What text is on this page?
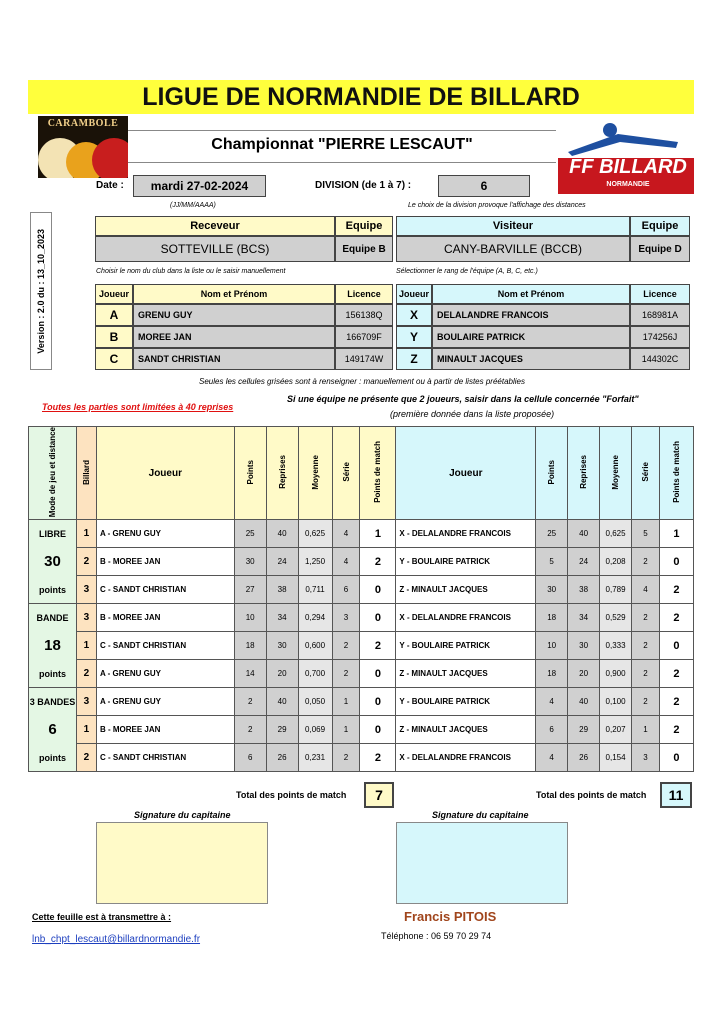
LIGUE DE NORMANDIE DE BILLARD
CARAMBOLE
Championnat "PIERRE LESCAUT"
FF BILLARD
NORMANDIE
Date :	mardi 27-02-2024
(JJ/MM/AAAA)
DIVISION (de 1 à 7) :	6
Le choix de la division provoque l'affichage des distances
Version : 2.0 du : 13_10_2023
Receveur	Equipe	Visiteur	Equipe
SOTTEVILLE (BCS)	Equipe B	CANY-BARVILLE (BCCB)	Equipe D
Choisir le nom du club dans la liste ou le saisir manuellement	Sélectionner le rang de l'équipe (A, B, C, etc.)
Joueur	Nom et Prénom	Licence	Joueur	Nom et Prénom	Licence
A	GRENU GUY	156138Q
B	MOREE JAN	166709F
C	SANDT CHRISTIAN	149174W
X	DELALANDRE FRANCOIS	168981A
Y	BOULAIRE PATRICK	174256J
Z	MINAULT JACQUES	144302C
Seules les cellules grisées sont à renseigner : manuellement ou à partir de listes préétablies
Toutes les parties sont limitées à 40 reprises
Si une équipe ne présente que 2 joueurs, saisir dans la cellule concernée "Forfait"
(première donnée dans la liste proposée)
Mode de jeu et distance	Billard	Joueur	Points	Reprises	Moyenne	Série	Points de match	Joueur	Points	Reprises	Moyenne	Série	Points de match
LIBRE	1	A - GRENU GUY	25	40	0,625	4	1	X - DELALANDRE FRANCOIS	25	40	0,625	5	1
30	2	B - MOREE JAN	30	24	1,250	4	2	Y - BOULAIRE PATRICK	5	24	0,208	2	0
points	3	C - SANDT CHRISTIAN	27	38	0,711	6	0	Z - MINAULT JACQUES	30	38	0,789	4	2
BANDE	3	B - MOREE JAN	10	34	0,294	3	0	X - DELALANDRE FRANCOIS	18	34	0,529	2	2
18	1	C - SANDT CHRISTIAN	18	30	0,600	2	2	Y - BOULAIRE PATRICK	10	30	0,333	2	0
points	2	A - GRENU GUY	14	20	0,700	2	0	Z - MINAULT JACQUES	18	20	0,900	2	2
3 BANDES	3	A - GRENU GUY	2	40	0,050	1	0	Y - BOULAIRE PATRICK	4	40	0,100	2	2
6	1	B - MOREE JAN	2	29	0,069	1	0	Z - MINAULT JACQUES	6	29	0,207	1	2
points	2	C - SANDT CHRISTIAN	6	26	0,231	2	2	X - DELALANDRE FRANCOIS	4	26	0,154	3	0
Total des points de match	7	Total des points de match	11
Signature du capitaine	Signature du capitaine
Cette feuille est à transmettre à :
lnb_chpt_lescaut@billardnormandie.fr
Francis PITOIS
Téléphone : 06 59 70 29 74
